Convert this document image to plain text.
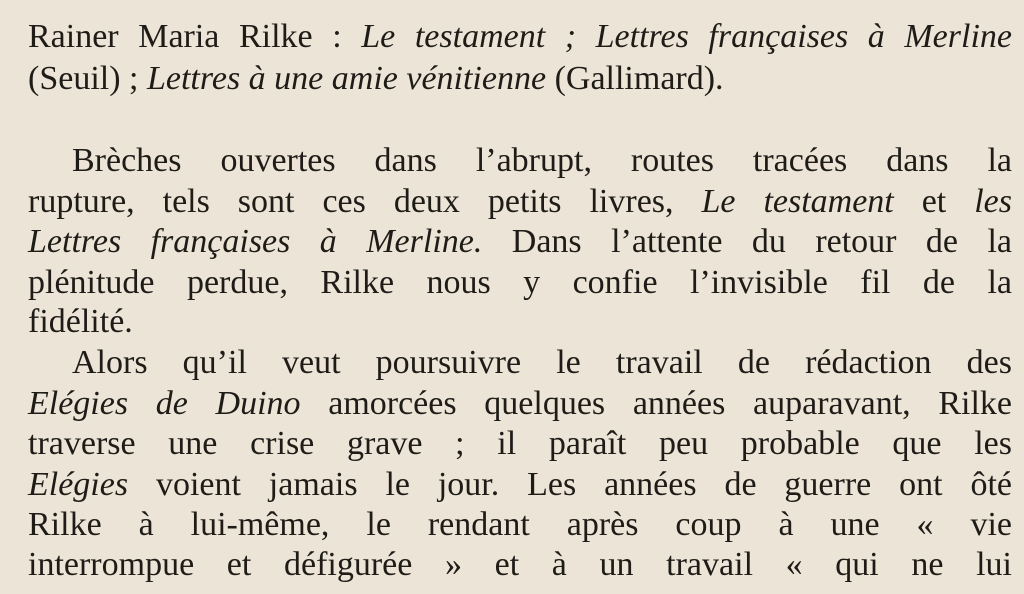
Rainer Maria Rilke : Le testament ; Lettres françaises à Merline
(Seuil) ; Lettres à une amie vénitienne (Gallimard).
Brèches ouvertes dans l’abrupt, routes tracées dans la
rupture, tels sont ces deux petits livres, Le testament et les
Lettres françaises à Merline. Dans l’attente du retour de la
plénitude perdue, Rilke nous y confie l’invisible fil de la
fidélité.
Alors qu’il veut poursuivre le travail de rédaction des
Elégies de Duino amorcées quelques années auparavant, Rilke
traverse une crise grave ; il paraît peu probable que les
Elégies voient jamais le jour. Les années de guerre ont ôté
Rilke à lui-même, le rendant après coup à une « vie
interrompue et défigurée » et à un travail « qui ne lui
